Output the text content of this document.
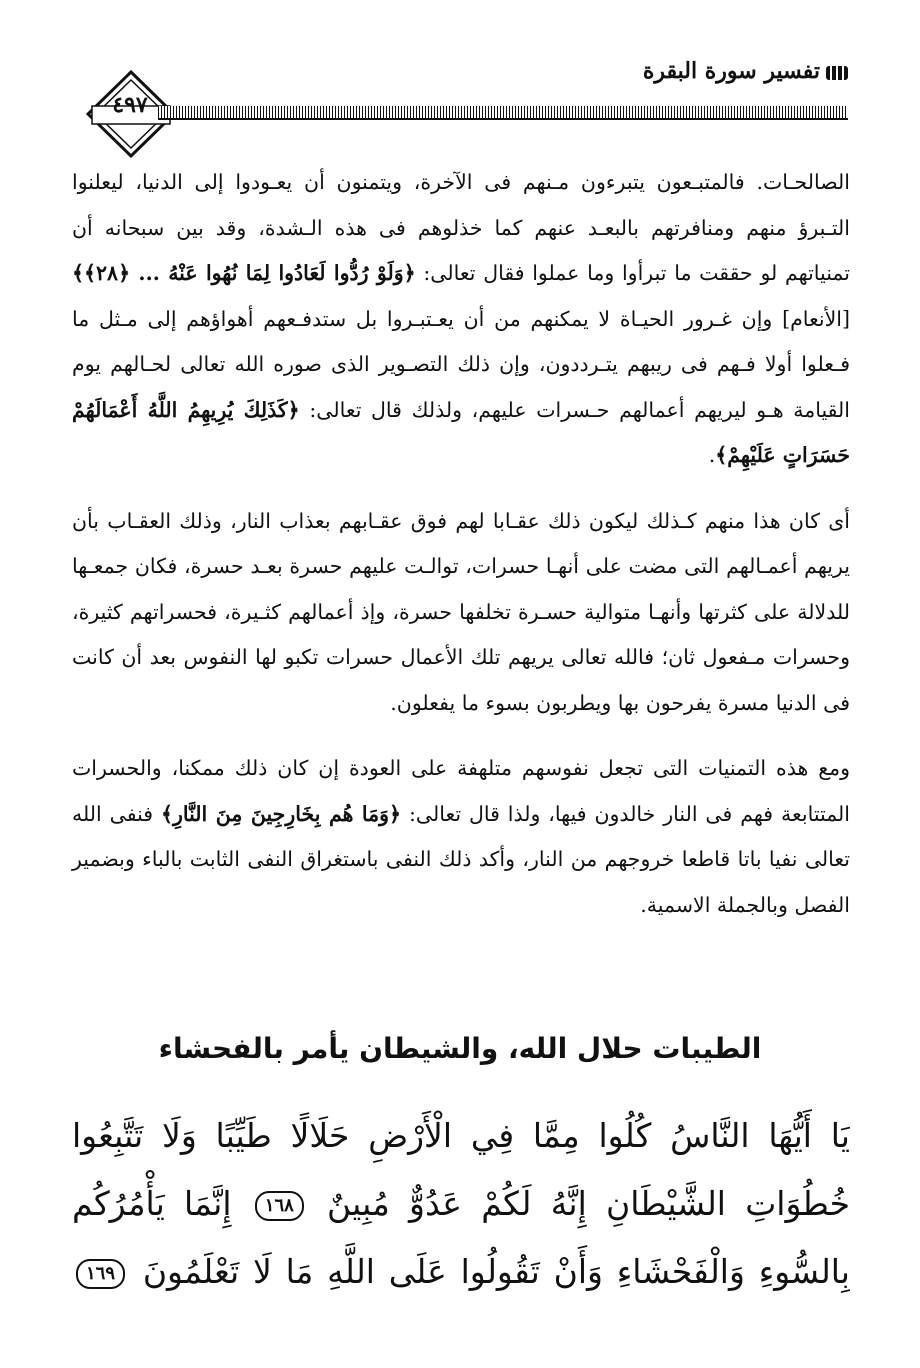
٤٩٧
تفسير سورة البقرة

الصالحـات. فالمتبـعون يتبرءون مـنهم فى الآخرة، ويتمنون أن يعـودوا إلى الدنيا، ليعلنوا التـبرؤ منهم ومنافرتهم بالبعـد عنهم كما خذلوهم فى هذه الـشدة، وقد بين سبحانه أن تمنياتهم لو حققت ما تبرأوا وما عملوا فقال تعالى: ﴿وَلَوْ رُدُّوا لَعَادُوا لِمَا نُهُوا عَنْهُ ... ﴿٢٨﴾﴾ [الأنعام] وإن غـرور الحيـاة لا يمكنهم من أن يعـتبـروا بل ستدفـعهم أهواؤهم إلى مـثل ما فـعلوا أولا فـهم فى ريبهم يتـرددون، وإن ذلك التصـوير الذى صوره الله تعالى لحـالهم يوم القيامة هـو ليريهم أعمالهم حـسرات عليهم، ولذلك قال تعالى: ﴿كَذَلِكَ يُرِيهِمُ اللَّهُ أَعْمَالَهُمْ حَسَرَاتٍ عَلَيْهِمْ﴾.

أى كان هذا منهم كـذلك ليكون ذلك عقـابا لهم فوق عقـابهم بعذاب النار، وذلك العقـاب بأن يريهم أعمـالهم التى مضت على أنهـا حسرات، توالـت عليهم حسرة بعـد حسرة، فكان جمعـها للدلالة على كثرتها وأنهـا متوالية حسـرة تخلفها حسرة، وإذ أعمالهم كثـيرة، فحسراتهم كثيرة، وحسرات مـفعول ثان؛ فالله تعالى يريهم تلك الأعمال حسرات تكبو لها النفوس بعد أن كانت فى الدنيا مسرة يفرحون بها ويطربون بسوء ما يفعلون.

ومع هذه التمنيات التى تجعل نفوسهم متلهفة على العودة إن كان ذلك ممكنا، والحسرات المتتابعة فهم فى النار خالدون فيها، ولذا قال تعالى: ﴿وَمَا هُم بِخَارِجِينَ مِنَ النَّارِ﴾ فنفى الله تعالى نفيا باتا قاطعا خروجهم من النار، وأكد ذلك النفى باستغراق النفى الثابت بالباء وبضمير الفصل وبالجملة الاسمية.

الطيبات حلال الله، والشيطان يأمر بالفحشاء
يَا أَيُّهَا النَّاسُ كُلُوا مِمَّا فِي الْأَرْضِ حَلَالًا طَيِّبًا وَلَا تَتَّبِعُوا
خُطُوَاتِ الشَّيْطَانِ إِنَّهُ لَكُمْ عَدُوٌّ مُبِينٌ ١٦٨ إِنَّمَا يَأْمُرُكُم
بِالسُّوءِ وَالْفَحْشَاءِ وَأَنْ تَقُولُوا عَلَى اللَّهِ مَا لَا تَعْلَمُونَ ١٦٩
